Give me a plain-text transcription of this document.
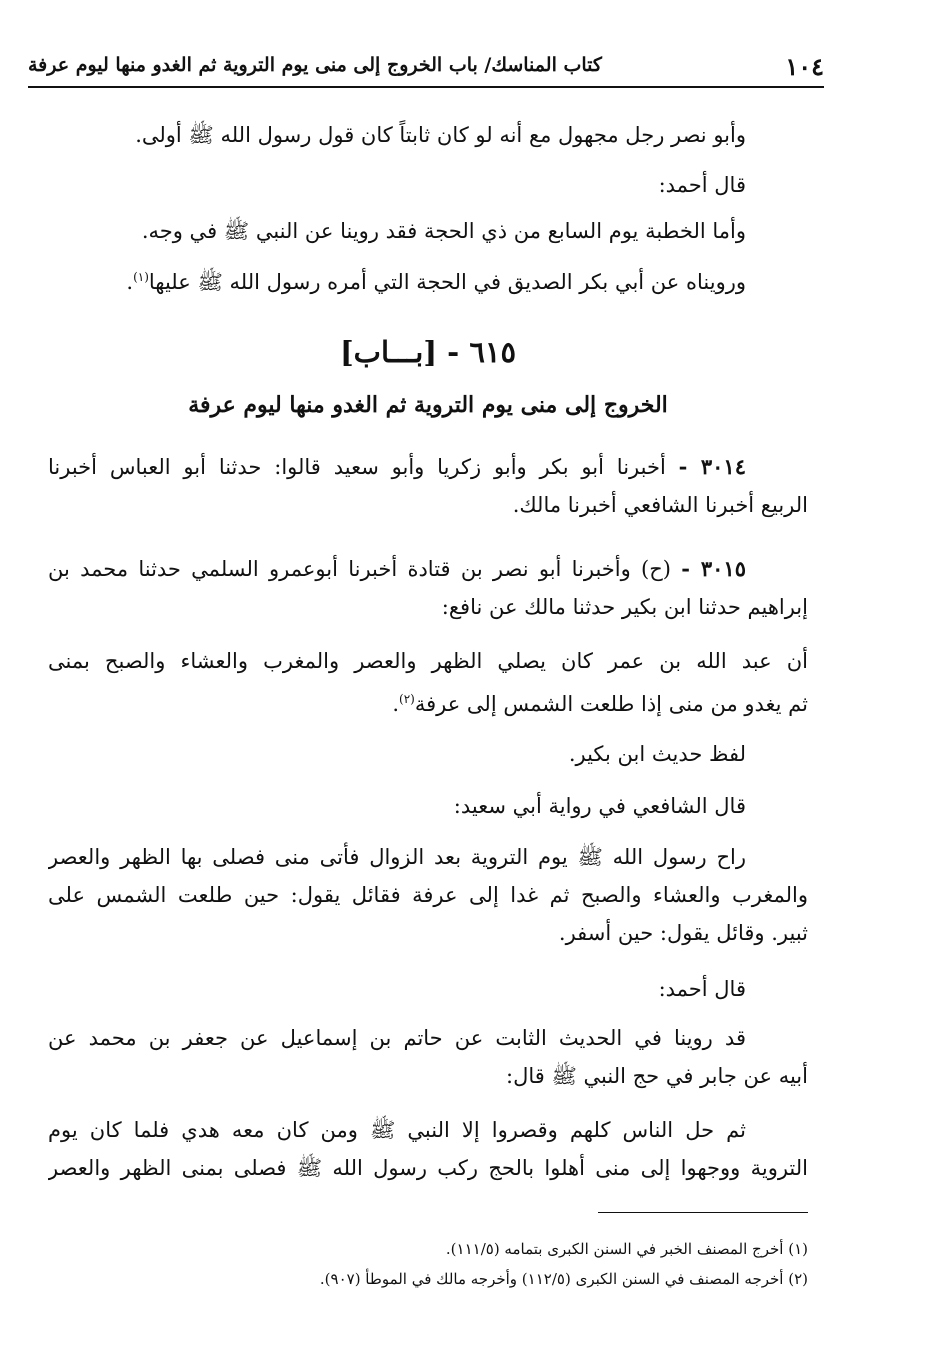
١٠٤
كتاب المناسك/ باب الخروج إلى منى يوم التروية ثم الغدو منها ليوم عرفة
وأبو نصر رجل مجهول مع أنه لو كان ثابتاً كان قول رسول الله ﷺ أولى.
قال أحمد:
وأما الخطبة يوم السابع من ذي الحجة فقد روينا عن النبي ﷺ في وجه.
ورويناه عن أبي بكر الصديق في الحجة التي أمره رسول الله ﷺ عليها$^{(١)}$.
٦١٥ - [بـــاب]
الخروج إلى منى يوم التروية ثم الغدو منها ليوم عرفة
٣٠١٤ - أخبرنا أبو بكر وأبو زكريا وأبو سعيد قالوا: حدثنا أبو العباس أخبرنا
الربيع أخبرنا الشافعي أخبرنا مالك.
٣٠١٥ - (ح) وأخبرنا أبو نصر بن قتادة أخبرنا أبوعمرو السلمي حدثنا محمد بن
إبراهيم حدثنا ابن بكير حدثنا مالك عن نافع:
أن عبد الله بن عمر كان يصلي الظهر والعصر والمغرب والعشاء والصبح بمنى
ثم يغدو من منى إذا طلعت الشمس إلى عرفة$^{(٢)}$.
لفظ حديث ابن بكير.
قال الشافعي في رواية أبي سعيد:
راح رسول الله ﷺ يوم التروية بعد الزوال فأتى منى فصلى بها الظهر والعصر
والمغرب والعشاء والصبح ثم غدا إلى عرفة فقائل يقول: حين طلعت الشمس على
ثبير. وقائل يقول: حين أسفر.
قال أحمد:
قد روينا في الحديث الثابت عن حاتم بن إسماعيل عن جعفر بن محمد عن
أبيه عن جابر في حج النبي ﷺ قال:
ثم حل الناس كلهم وقصروا إلا النبي ﷺ ومن كان معه هدي فلما كان يوم
التروية ووجهوا إلى منى أهلوا بالحج ركب رسول الله ﷺ فصلى بمنى الظهر والعصر
(١) أخرج المصنف الخبر في السنن الكبرى بتمامه (١١١/٥).
(٢) أخرجه المصنف في السنن الكبرى (١١٢/٥) وأخرجه مالك في الموطأ (٩٠٧).
